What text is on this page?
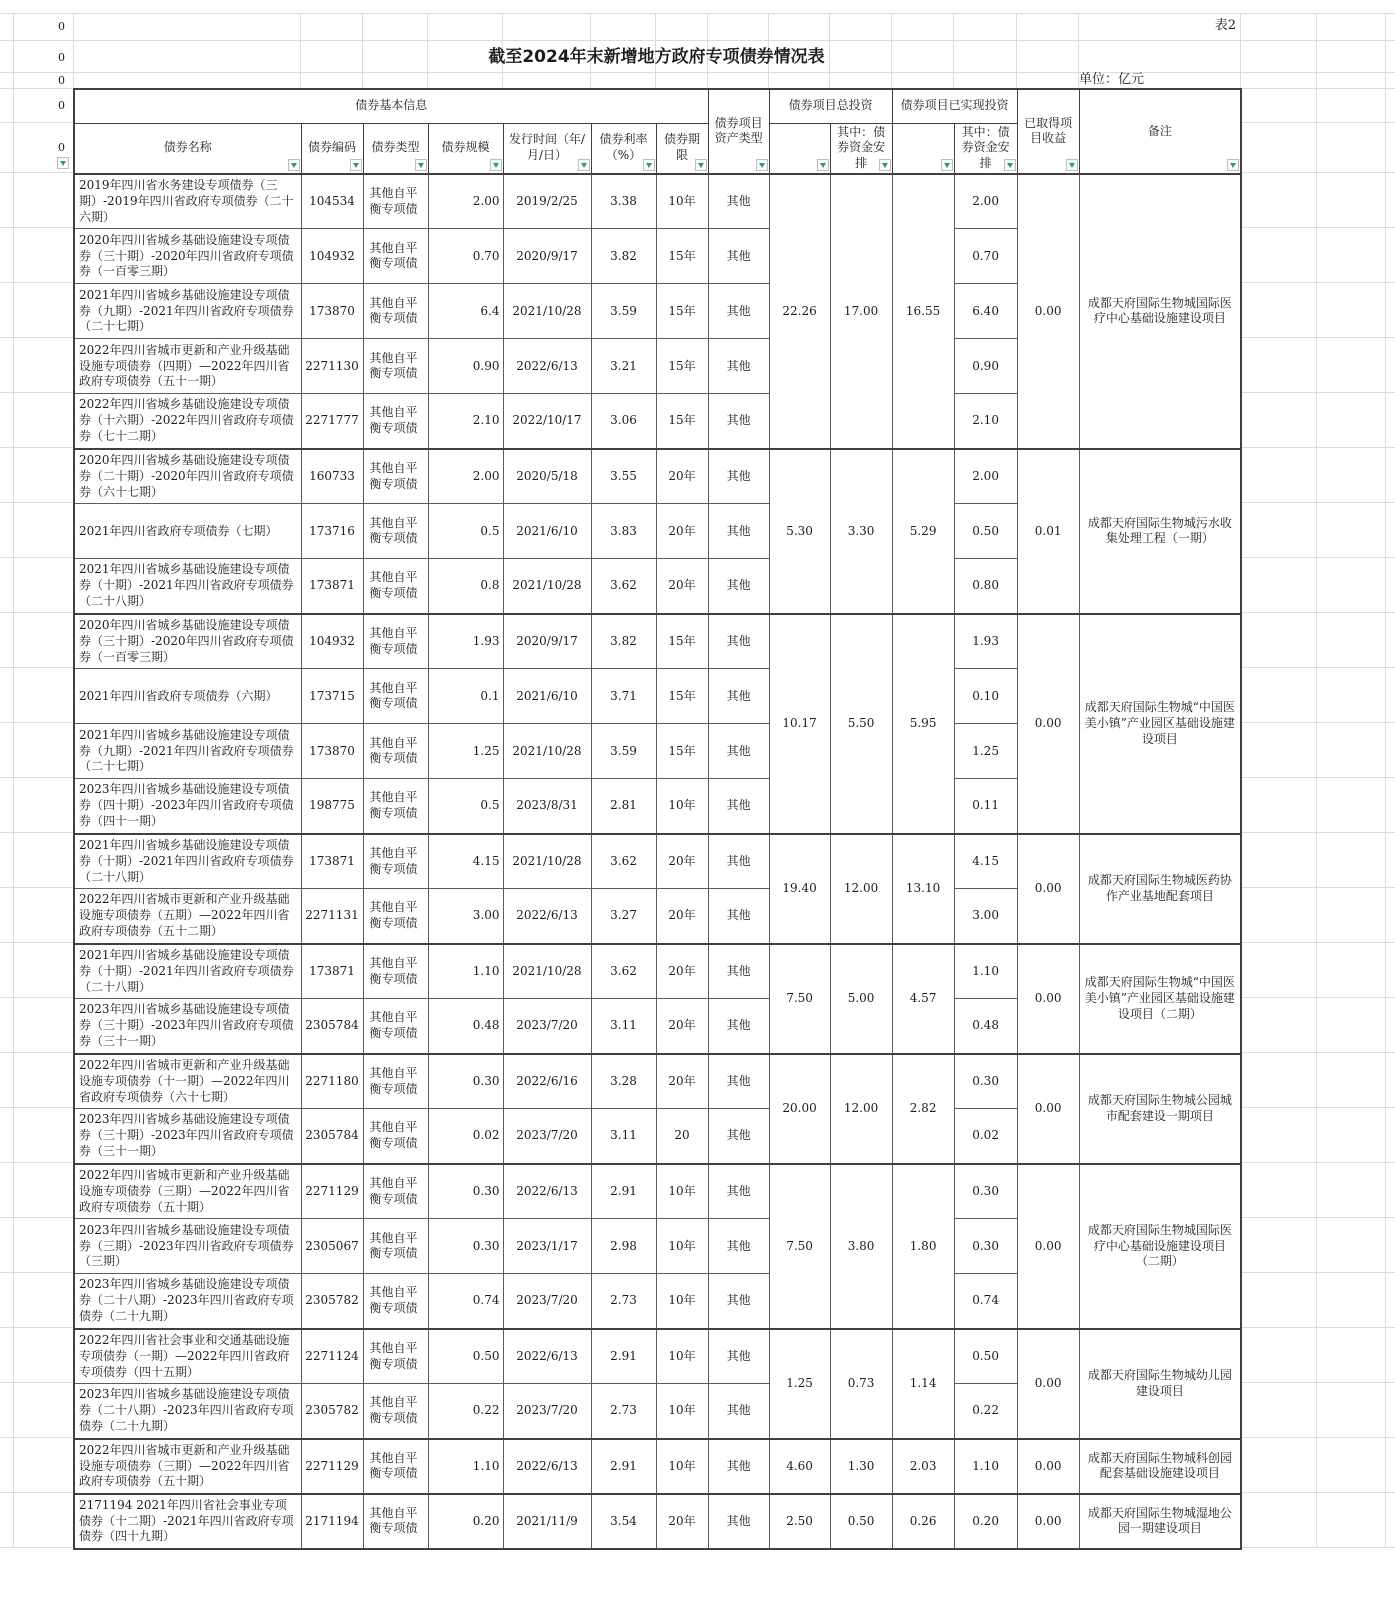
表2
截至2024年末新增地方政府专项债券情况表
单位：亿元
0
0
0
0
0
债券基本信息							债券项目资产类型	债券项目总投资		债券项目已实现投资		已取得项目收益	备注

债券名称	债券编码	债券类型	债券规模	发行时间（年/月/日）	债券利率（%）	债券期限			其中：债券资金安排		其中：债券资金安排		

2019年四川省水务建设专项债券（三期）-2019年四川省政府专项债券（二十六期）	104534	其他自平衡专项债	2.00	2019/2/25	3.38	10年	其他	22.26	17.00	16.55	2.00	0.00	成都天府国际生物城国际医疗中心基础设施建设项目
2020年四川省城乡基础设施建设专项债券（三十期）-2020年四川省政府专项债券（一百零三期）	104932	其他自平衡专项债	0.70	2020/9/17	3.82	15年	其他				0.70		
2021年四川省城乡基础设施建设专项债券（九期）-2021年四川省政府专项债券（二十七期）	173870	其他自平衡专项债	6.4	2021/10/28	3.59	15年	其他				6.40		
2022年四川省城市更新和产业升级基础设施专项债券（四期）—2022年四川省政府专项债券（五十一期）	2271130	其他自平衡专项债	0.90	2022/6/13	3.21	15年	其他				0.90		
2022年四川省城乡基础设施建设专项债券（十六期）-2022年四川省政府专项债券（七十二期）	2271777	其他自平衡专项债	2.10	2022/10/17	3.06	15年	其他				2.10		
2020年四川省城乡基础设施建设专项债券（二十期）-2020年四川省政府专项债券（六十七期）	160733	其他自平衡专项债	2.00	2020/5/18	3.55	20年	其他	5.30	3.30	5.29	2.00	0.01	成都天府国际生物城污水收集处理工程（一期）
2021年四川省政府专项债券（七期）	173716	其他自平衡专项债	0.5	2021/6/10	3.83	20年	其他				0.50		
2021年四川省城乡基础设施建设专项债券（十期）-2021年四川省政府专项债券（二十八期）	173871	其他自平衡专项债	0.8	2021/10/28	3.62	20年	其他				0.80		
2020年四川省城乡基础设施建设专项债券（三十期）-2020年四川省政府专项债券（一百零三期）	104932	其他自平衡专项债	1.93	2020/9/17	3.82	15年	其他	10.17	5.50	5.95	1.93	0.00	成都天府国际生物城“中国医美小镇”产业园区基础设施建设项目
2021年四川省政府专项债券（六期）	173715	其他自平衡专项债	0.1	2021/6/10	3.71	15年	其他				0.10		
2021年四川省城乡基础设施建设专项债券（九期）-2021年四川省政府专项债券（二十七期）	173870	其他自平衡专项债	1.25	2021/10/28	3.59	15年	其他				1.25		
2023年四川省城乡基础设施建设专项债券（四十期）-2023年四川省政府专项债券（四十一期）	198775	其他自平衡专项债	0.5	2023/8/31	2.81	10年	其他				0.11		
2021年四川省城乡基础设施建设专项债券（十期）-2021年四川省政府专项债券（二十八期）	173871	其他自平衡专项债	4.15	2021/10/28	3.62	20年	其他	19.40	12.00	13.10	4.15	0.00	成都天府国际生物城医药协作产业基地配套项目
2022年四川省城市更新和产业升级基础设施专项债券（五期）—2022年四川省政府专项债券（五十二期）	2271131	其他自平衡专项债	3.00	2022/6/13	3.27	20年	其他				3.00		
2021年四川省城乡基础设施建设专项债券（十期）-2021年四川省政府专项债券（二十八期）	173871	其他自平衡专项债	1.10	2021/10/28	3.62	20年	其他	7.50	5.00	4.57	1.10	0.00	成都天府国际生物城“中国医美小镇”产业园区基础设施建设项目（二期）
2023年四川省城乡基础设施建设专项债券（三十期）-2023年四川省政府专项债券（三十一期）	2305784	其他自平衡专项债	0.48	2023/7/20	3.11	20年	其他				0.48		
2022年四川省城市更新和产业升级基础设施专项债券（十一期）—2022年四川省政府专项债券（六十七期）	2271180	其他自平衡专项债	0.30	2022/6/16	3.28	20年	其他	20.00	12.00	2.82	0.30	0.00	成都天府国际生物城公园城市配套建设一期项目
2023年四川省城乡基础设施建设专项债券（三十期）-2023年四川省政府专项债券（三十一期）	2305784	其他自平衡专项债	0.02	2023/7/20	3.11	20	其他				0.02		
2022年四川省城市更新和产业升级基础设施专项债券（三期）—2022年四川省政府专项债券（五十期）	2271129	其他自平衡专项债	0.30	2022/6/13	2.91	10年	其他	7.50	3.80	1.80	0.30	0.00	成都天府国际生物城国际医疗中心基础设施建设项目（二期）
2023年四川省城乡基础设施建设专项债券（三期）-2023年四川省政府专项债券（三期）	2305067	其他自平衡专项债	0.30	2023/1/17	2.98	10年	其他				0.30		
2023年四川省城乡基础设施建设专项债券（二十八期）-2023年四川省政府专项债券（二十九期）	2305782	其他自平衡专项债	0.74	2023/7/20	2.73	10年	其他				0.74		
2022年四川省社会事业和交通基础设施专项债券（一期）—2022年四川省政府专项债券（四十五期）	2271124	其他自平衡专项债	0.50	2022/6/13	2.91	10年	其他	1.25	0.73	1.14	0.50	0.00	成都天府国际生物城幼儿园建设项目
2023年四川省城乡基础设施建设专项债券（二十八期）-2023年四川省政府专项债券（二十九期）	2305782	其他自平衡专项债	0.22	2023/7/20	2.73	10年	其他				0.22		
2022年四川省城市更新和产业升级基础设施专项债券（三期）—2022年四川省政府专项债券（五十期）	2271129	其他自平衡专项债	1.10	2022/6/13	2.91	10年	其他	4.60	1.30	2.03	1.10	0.00	成都天府国际生物城科创园配套基础设施建设项目
2171194 2021年四川省社会事业专项债券（十二期）-2021年四川省政府专项债券（四十九期）	2171194	其他自平衡专项债	0.20	2021/11/9	3.54	20年	其他	2.50	0.50	0.26	0.20	0.00	成都天府国际生物城湿地公园一期建设项目
